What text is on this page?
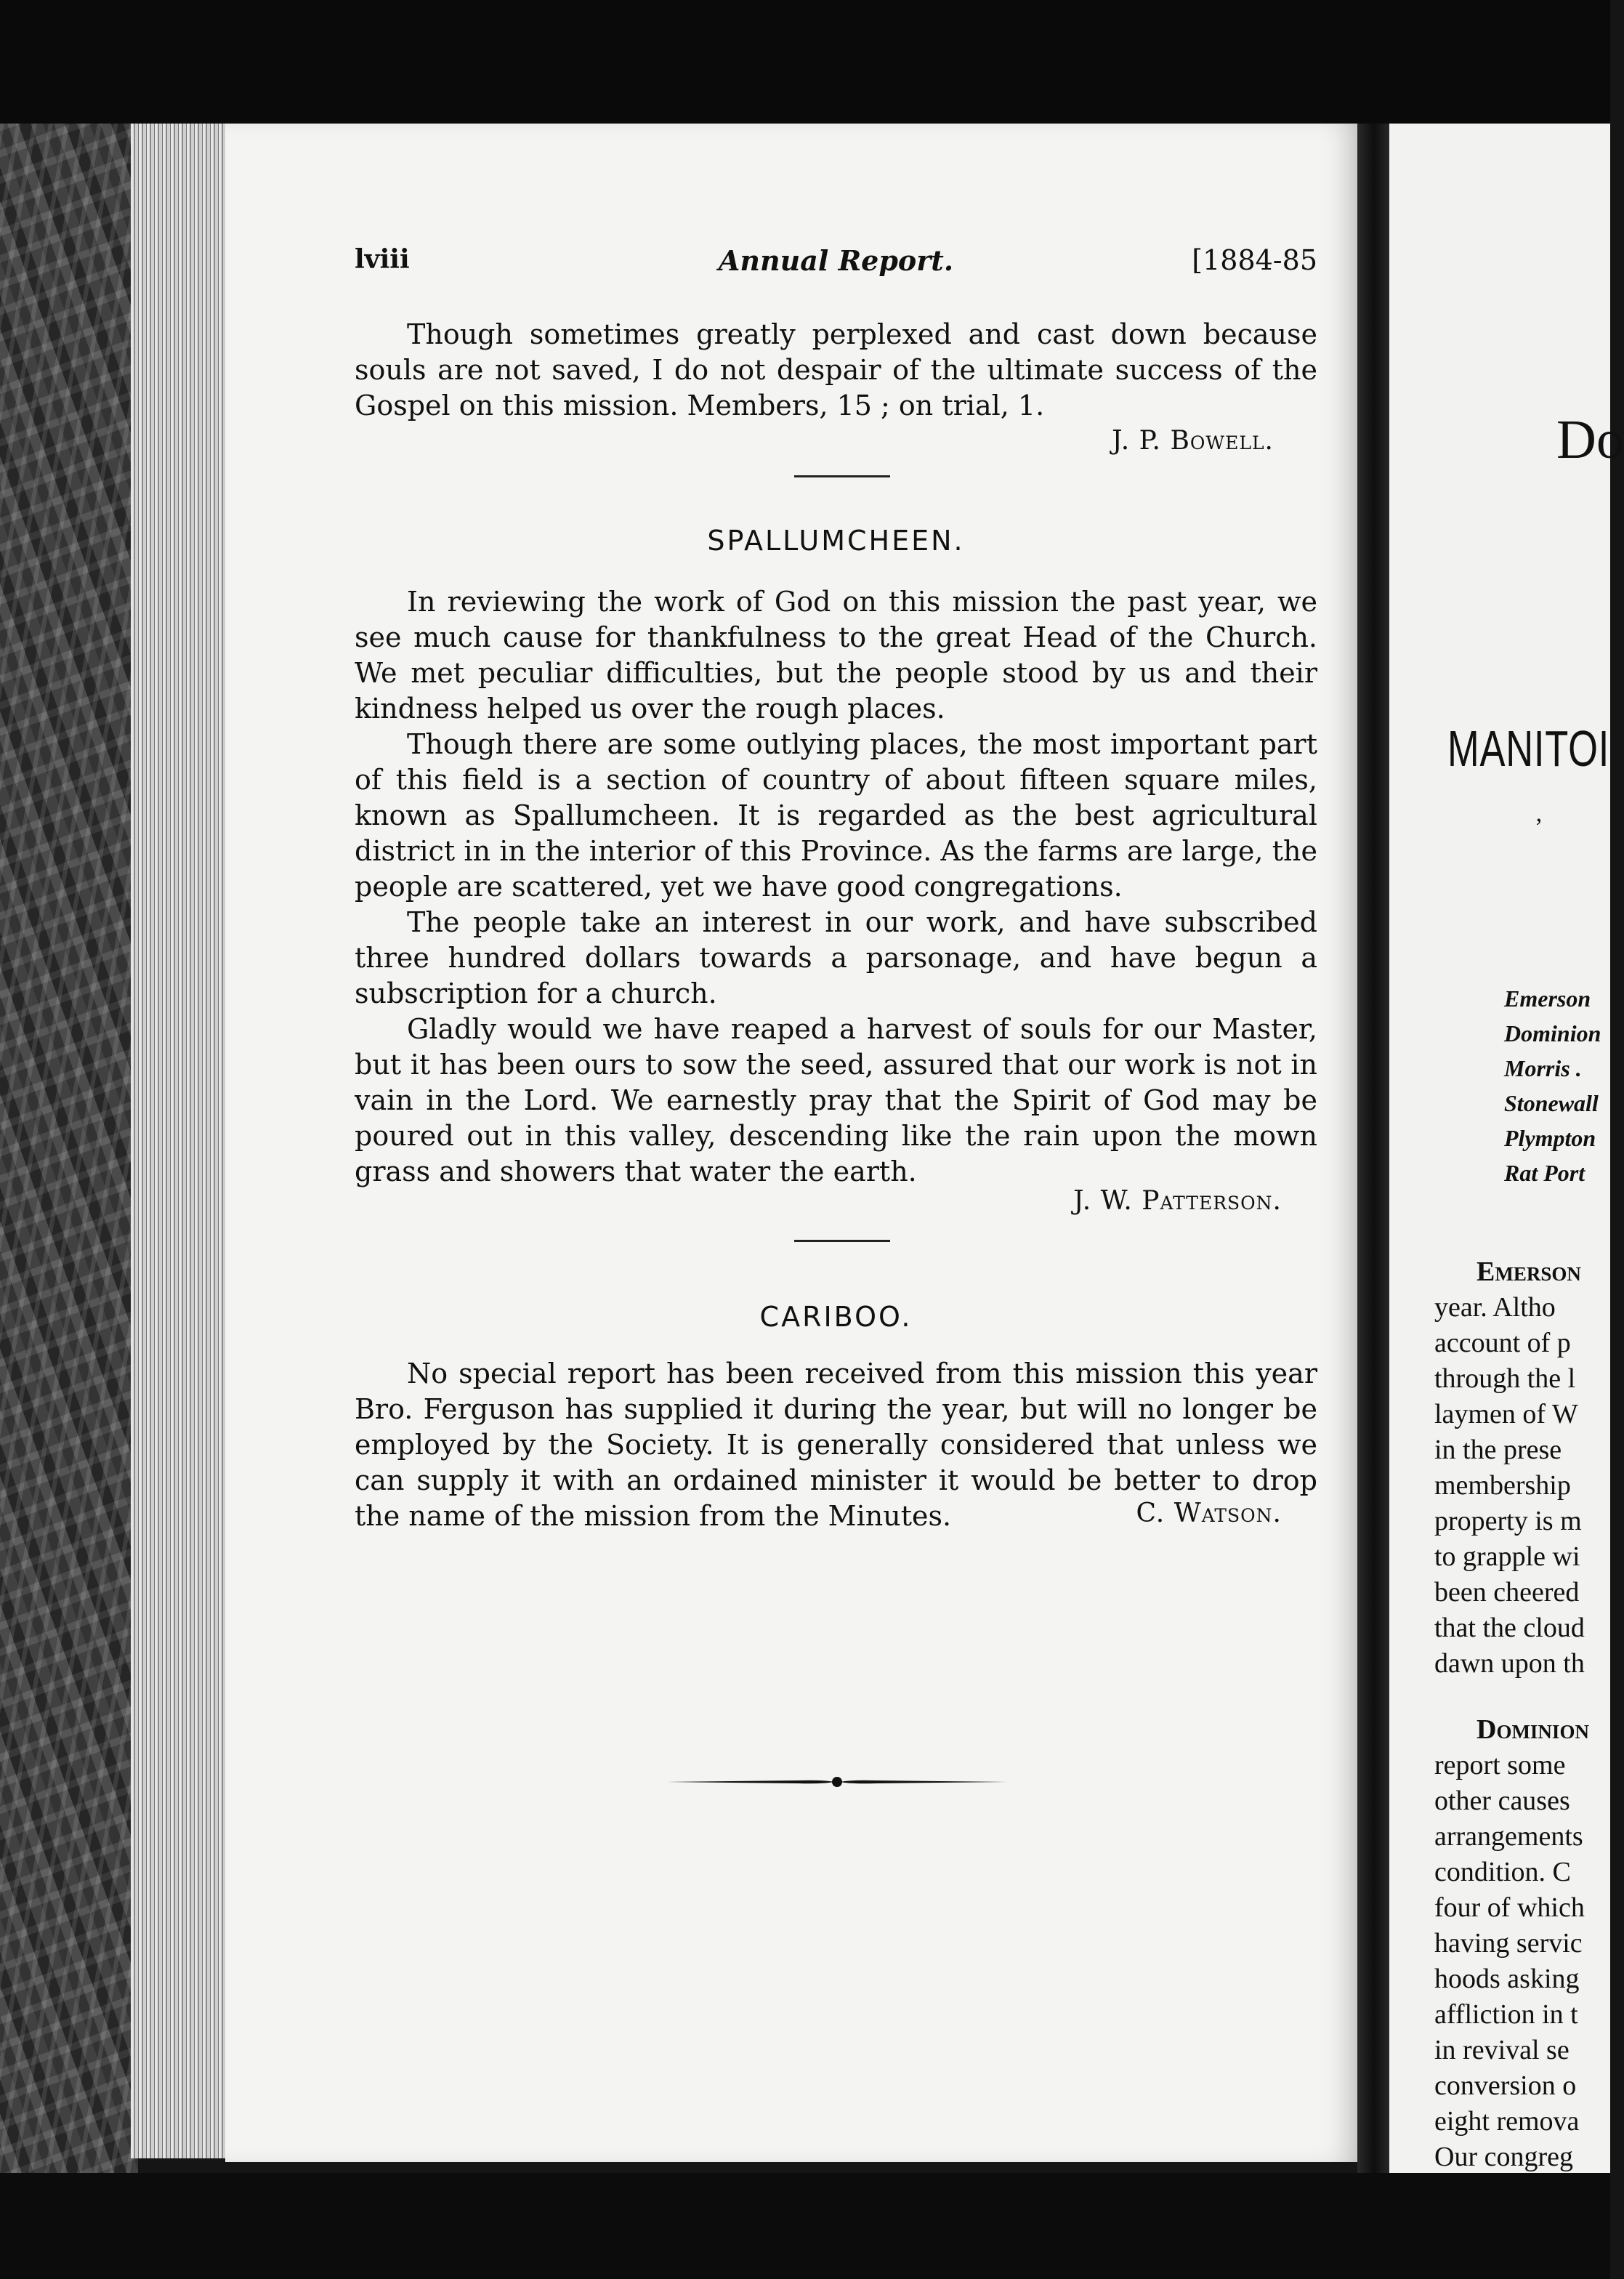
Do
MANITOI
ʼ
Emerson
Dominion
Morris .
Stonewall
Plympton
Rat Port
Emerson
year. Altho
account of p
through the l
laymen of W
in the prese
membership
property is m
to grapple wi
been cheered
that the cloud
dawn upon th
Dominion
report some
other causes
arrangements
condition. C
four of which
having servic
hoods asking
affliction in t
in revival se
conversion o
eight remova
Our congreg
lviii	Annual Report.	[1884-85

Though sometimes greatly perplexed and cast down because souls are not saved, I do not despair of the ultimate success of the Gospel on this mission. Members, 15 ; on trial, 1.

J. P. Bowell.
SPALLUMCHEEN.

In reviewing the work of God on this mission the past year, we see much cause for thankfulness to the great Head of the Church. We met peculiar difficulties, but the people stood by us and their kindness helped us over the rough places.

Though there are some outlying places, the most important part of this field is a section of country of about fifteen square miles, known as Spallumcheen. It is regarded as the best agricultural district in in the interior of this Province. As the farms are large, the people are scattered, yet we have good congregations.

The people take an interest in our work, and have subscribed three hundred dollars towards a parsonage, and have begun a subscription for a church.

Gladly would we have reaped a harvest of souls for our Master, but it has been ours to sow the seed, assured that our work is not in vain in the Lord. We earnestly pray that the Spirit of God may be poured out in this valley, descending like the rain upon the mown grass and showers that water the earth.

J. W. Patterson.
CARIBOO.

No special report has been received from this mission this year Bro. Ferguson has supplied it during the year, but will no longer be employed by the Society. It is generally considered that unless we can supply it with an ordained minister it would be better to drop the name of the mission from the Minutes.	C. Watson.
